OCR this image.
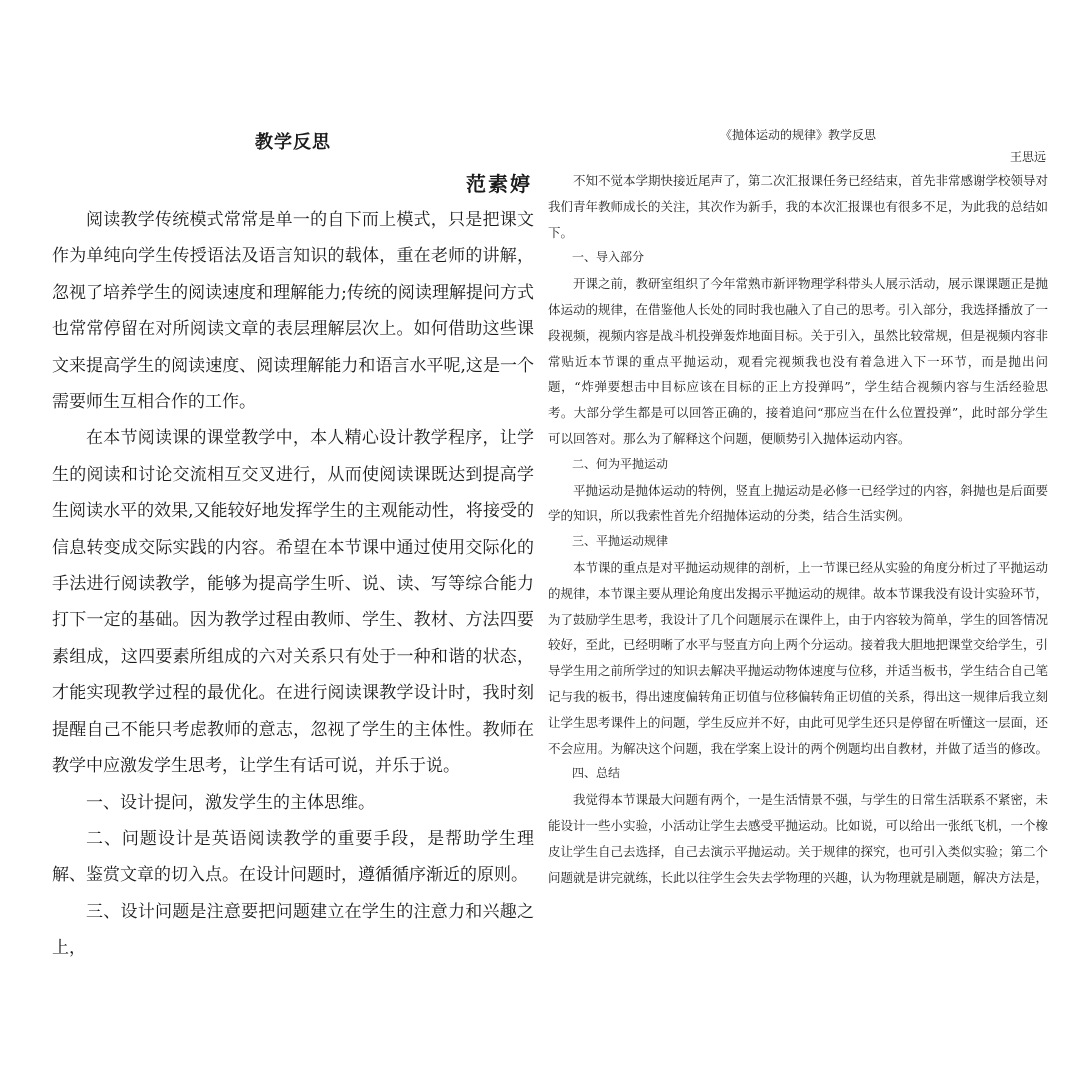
教学反思
范素婷

阅读教学传统模式常常是单一的自下而上模式，只是把课文作为单纯向学生传授语法及语言知识的载体，重在老师的讲解，忽视了培养学生的阅读速度和理解能力;传统的阅读理解提问方式也常常停留在对所阅读文章的表层理解层次上。如何借助这些课文来提高学生的阅读速度、阅读理解能力和语言水平呢,这是一个需要师生互相合作的工作。

在本节阅读课的课堂教学中，本人精心设计教学程序，让学生的阅读和讨论交流相互交叉进行，从而使阅读课既达到提高学生阅读水平的效果,又能较好地发挥学生的主观能动性，将接受的信息转变成交际实践的内容。希望在本节课中通过使用交际化的手法进行阅读教学，能够为提高学生听、说、读、写等综合能力打下一定的基础。因为教学过程由教师、学生、教材、方法四要素组成，这四要素所组成的六对关系只有处于一种和谐的状态，才能实现教学过程的最优化。在进行阅读课教学设计时，我时刻提醒自己不能只考虑教师的意志，忽视了学生的主体性。教师在教学中应激发学生思考，让学生有话可说，并乐于说。

一、设计提问，激发学生的主体思维。

二、问题设计是英语阅读教学的重要手段，是帮助学生理解、鉴赏文章的切入点。在设计问题时，遵循循序渐近的原则。

三、设计问题是注意要把问题建立在学生的注意力和兴趣之上，

《抛体运动的规律》教学反思
王思远

不知不觉本学期快接近尾声了，第二次汇报课任务已经结束，首先非常感谢学校领导对我们青年教师成长的关注，其次作为新手，我的本次汇报课也有很多不足，为此我的总结如下。

一、导入部分

开课之前，教研室组织了今年常熟市新评物理学科带头人展示活动，展示课课题正是抛体运动的规律，在借鉴他人长处的同时我也融入了自己的思考。引入部分，我选择播放了一段视频，视频内容是战斗机投弹轰炸地面目标。关于引入，虽然比较常规，但是视频内容非常贴近本节课的重点平抛运动，观看完视频我也没有着急进入下一环节，而是抛出问题，“炸弹要想击中目标应该在目标的正上方投弹吗”，学生结合视频内容与生活经验思考。大部分学生都是可以回答正确的，接着追问“那应当在什么位置投弹”，此时部分学生可以回答对。那么为了解释这个问题，便顺势引入抛体运动内容。

二、何为平抛运动

平抛运动是抛体运动的特例，竖直上抛运动是必修一已经学过的内容，斜抛也是后面要学的知识，所以我索性首先介绍抛体运动的分类，结合生活实例。

三、平抛运动规律

本节课的重点是对平抛运动规律的剖析，上一节课已经从实验的角度分析过了平抛运动的规律，本节课主要从理论角度出发揭示平抛运动的规律。故本节课我没有设计实验环节，为了鼓励学生思考，我设计了几个问题展示在课件上，由于内容较为简单，学生的回答情况较好，至此，已经明晰了水平与竖直方向上两个分运动。接着我大胆地把课堂交给学生，引导学生用之前所学过的知识去解决平抛运动物体速度与位移，并适当板书，学生结合自己笔记与我的板书，得出速度偏转角正切值与位移偏转角正切值的关系，得出这一规律后我立刻让学生思考课件上的问题，学生反应并不好，由此可见学生还只是停留在听懂这一层面，还不会应用。为解决这个问题，我在学案上设计的两个例题均出自教材，并做了适当的修改。

四、总结

我觉得本节课最大问题有两个，一是生活情景不强，与学生的日常生活联系不紧密，未能设计一些小实验，小活动让学生去感受平抛运动。比如说，可以给出一张纸飞机，一个橡皮让学生自己去选择，自己去演示平抛运动。关于规律的探究，也可引入类似实验；第二个问题就是讲完就练，长此以往学生会失去学物理的兴趣，认为物理就是刷题，解决方法是，
